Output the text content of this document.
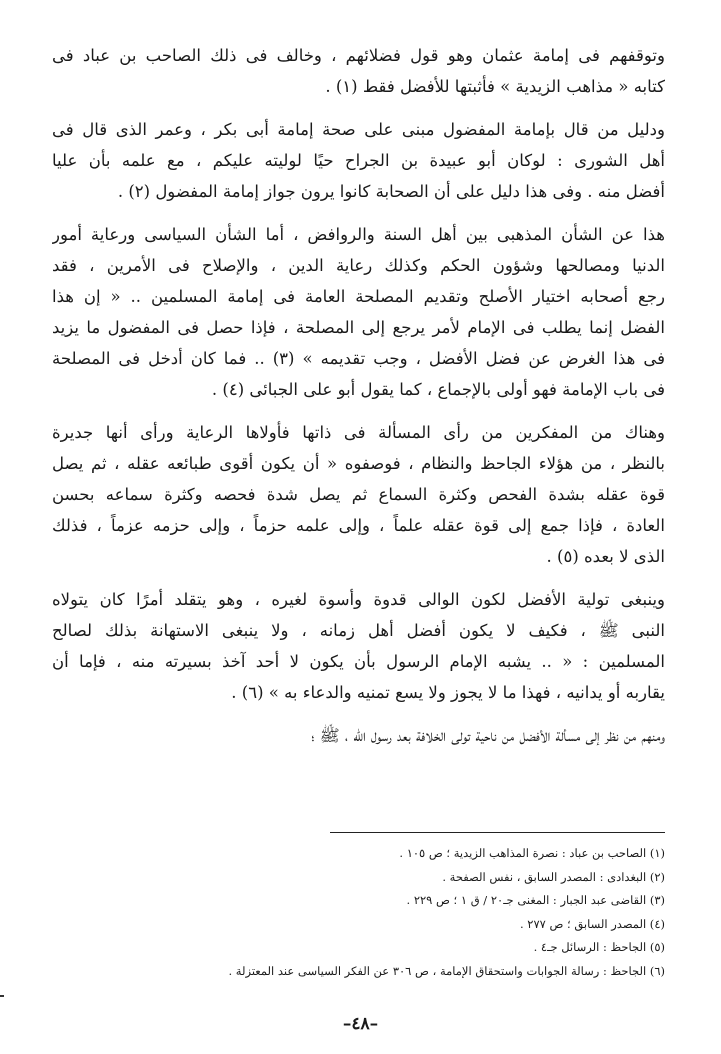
وتوقفهم فى إمامة عثمان وهو قول فضلائهم ، وخالف فى ذلك الصاحب بن عباد فى
كتابه « مذاهب الزيدية » فأثبتها للأفضل فقط (١) .
ودليل من قال بإمامة المفضول مبنى على صحة إمامة أبى بكر ، وعمر الذى قال فى
أهل الشورى : لوكان أبو عبيدة بن الجراح حيًا لوليته عليكم ، مع علمه بأن عليا
أفضل منه . وفى هذا دليل على أن الصحابة كانوا يرون جواز إمامة المفضول (٢) .
هذا عن الشأن المذهبى بين أهل السنة والروافض ، أما الشأن السياسى ورعاية أمور
الدنيا ومصالحها وشؤون الحكم وكذلك رعاية الدين ، والإصلاح فى الأمرين ، فقد
رجع أصحابه اختيار الأصلح وتقديم المصلحة العامة فى إمامة المسلمين .. « إن هذا
الفضل إنما يطلب فى الإمام لأمر يرجع إلى المصلحة ، فإذا حصل فى المفضول ما يزيد
فى هذا الغرض عن فضل الأفضل ، وجب تقديمه » (٣) .. فما كان أدخل فى المصلحة
فى باب الإمامة فهو أولى بالإجماع ، كما يقول أبو على الجبائى (٤) .
وهناك من المفكرين من رأى المسألة فى ذاتها فأولاها الرعاية ورأى أنها جديرة
بالنظر ، من هؤلاء الجاحظ والنظام ، فوصفوه « أن يكون أقوى طبائعه عقله ، ثم يصل
قوة عقله بشدة الفحص وكثرة السماع ثم يصل شدة فحصه وكثرة سماعه بحسن
العادة ، فإذا جمع إلى قوة عقله علماً ، وإلى علمه حزماً ، وإلى حزمه عزماً ، فذلك
الذى لا بعده (٥) .
وينبغى تولية الأفضل لكون الوالى قدوة وأسوة لغيره ، وهو يتقلد أمرًا كان يتولاه
النبى ﷺ ، فكيف لا يكون أفضل أهل زمانه ، ولا ينبغى الاستهانة بذلك لصالح
المسلمين : « .. يشبه الإمام الرسول بأن يكون لا أحد آخذ بسيرته منه ، فإما أن
يقاربه أو يدانيه ، فهذا ما لا يجوز ولا يسع تمنيه والدعاء به » (٦) .
ومنهم من نظر إلى مسألة الأفضل من ناحية تولى الخلافة بعد رسول الله ، ﷺ ؛
(١) الصاحب بن عباد : نصرة المذاهب الزيدية ؛ ص ١٠٥ .
(٢) البغدادى : المصدر السابق ، نفس الصفحة .
(٣) القاضى عبد الجبار : المغنى جـ٢٠ / ق ١ ؛ ص ٢٢٩ .
(٤) المصدر السابق ؛ ص ٢٧٧ .
(٥) الجاحظ : الرسائل جـ٤ .
(٦) الجاحظ : رسالة الجوابات واستحقاق الإمامة ، ص ٣٠٦ عن الفكر السياسى عند المعتزلة .
–٤٨–
